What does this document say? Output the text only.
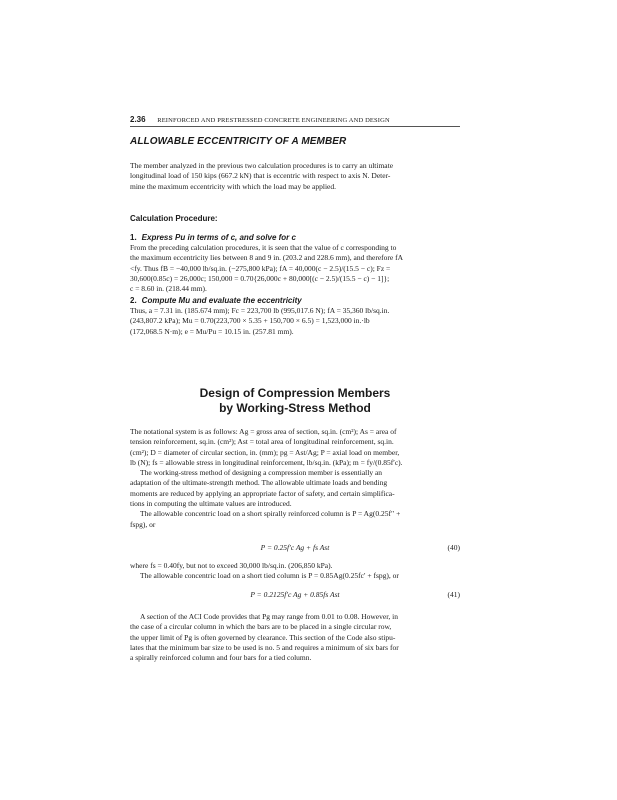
2.36 REINFORCED AND PRESTRESSED CONCRETE ENGINEERING AND DESIGN
ALLOWABLE ECCENTRICITY OF A MEMBER
The member analyzed in the previous two calculation procedures is to carry an ultimate
longitudinal load of 150 kips (667.2 kN) that is eccentric with respect to axis N. Deter-
mine the maximum eccentricity with which the load may be applied.
Calculation Procedure:
1. Express Pu in terms of c, and solve for c
From the preceding calculation procedures, it is seen that the value of c corresponding to
the maximum eccentricity lies between 8 and 9 in. (203.2 and 228.6 mm), and therefore fA
<fy. Thus fB = −40,000 lb/sq.in. (−275,800 kPa); fA = 40,000(c − 2.5)/(15.5 − c); Fz =
30,600(0.85c) = 26,000c; 150,000 = 0.70{26,000c + 80,000[(c − 2.5)/(15.5 − c) − 1]};
c = 8.60 in. (218.44 mm).
2. Compute Mu and evaluate the eccentricity
Thus, a = 7.31 in. (185.674 mm); Fc = 223,700 lb (995,017.6 N); fA = 35,360 lb/sq.in.
(243,807.2 kPa); Mu = 0.70(223,700 × 5.35 + 150,700 × 6.5) = 1,523,000 in.·lb
(172,068.5 N·m); e = Mu/Pu = 10.15 in. (257.81 mm).
Design of Compression Members
by Working-Stress Method
The notational system is as follows: Ag = gross area of section, sq.in. (cm²); As = area of
tension reinforcement, sq.in. (cm²); Ast = total area of longitudinal reinforcement, sq.in.
(cm²); D = diameter of circular section, in. (mm); pg = Ast/Ag; P = axial load on member,
lb (N); fs = allowable stress in longitudinal reinforcement, lb/sq.in. (kPa); m = fy/(0.85f′c).
The working-stress method of designing a compression member is essentially an
adaptation of the ultimate-strength method. The allowable ultimate loads and bending
moments are reduced by applying an appropriate factor of safety, and certain simplifica-
tions in computing the ultimate values are introduced.
The allowable concentric load on a short spirally reinforced column is P = Ag(0.25f′′ +
fspg), or
P = 0.25f′c Ag + fs Ast	(40)
where fs = 0.40fy, but not to exceed 30,000 lb/sq.in. (206,850 kPa).
The allowable concentric load on a short tied column is P = 0.85Ag(0.25fc′ + fspg), or
P = 0.2125f′c Ag + 0.85fs Ast	(41)
A section of the ACI Code provides that Pg may range from 0.01 to 0.08. However, in
the case of a circular column in which the bars are to be placed in a single circular row,
the upper limit of Pg is often governed by clearance. This section of the Code also stipu-
lates that the minimum bar size to be used is no. 5 and requires a minimum of six bars for
a spirally reinforced column and four bars for a tied column.
